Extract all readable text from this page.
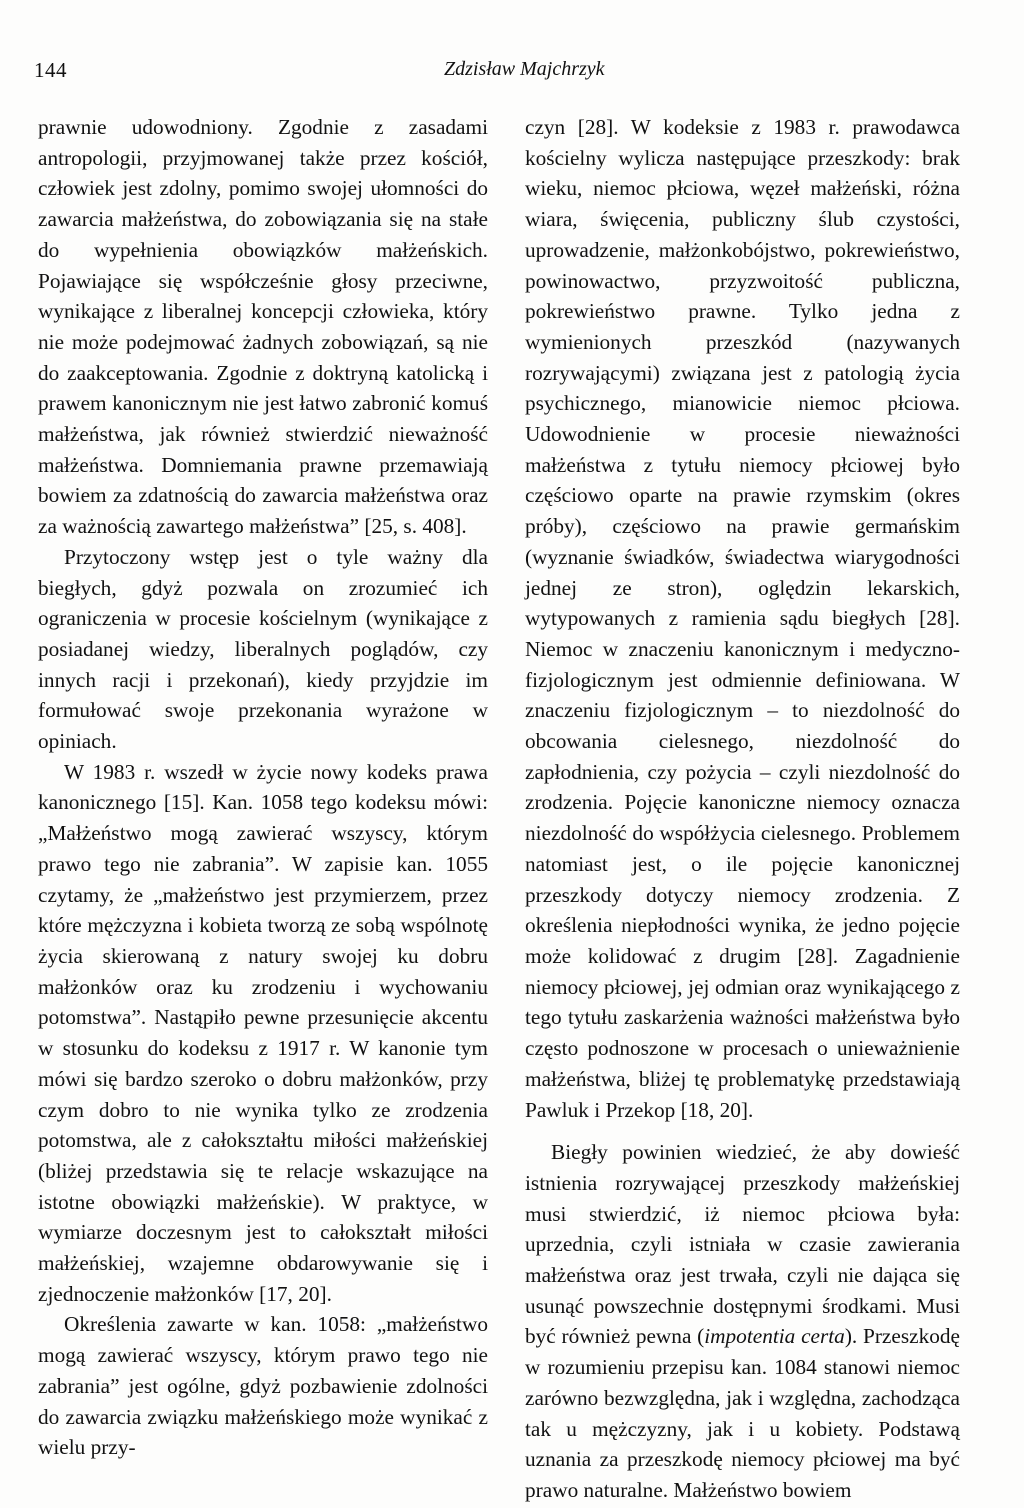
144	Zdzisław Majchrzyk

prawnie udowodniony. Zgodnie z zasadami antropologii, przyjmowanej także przez kościół, człowiek jest zdolny, pomimo swojej ułomności do zawarcia małżeństwa, do zobowiązania się na stałe do wypełnienia obowiązków małżeńskich. Pojawiające się współcześnie głosy przeciwne, wynikające z liberalnej koncepcji człowieka, który nie może podejmować żadnych zobowiązań, są nie do zaakceptowania. Zgodnie z doktryną katolicką i prawem kanonicznym nie jest łatwo zabronić komuś małżeństwa, jak również stwierdzić nieważność małżeństwa. Domniemania prawne przemawiają bowiem za zdatnością do zawarcia małżeństwa oraz za ważnością zawartego małżeństwa” [25, s. 408].

Przytoczony wstęp jest o tyle ważny dla biegłych, gdyż pozwala on zrozumieć ich ograniczenia w procesie kościelnym (wynikające z posiadanej wiedzy, liberalnych poglądów, czy innych racji i przekonań), kiedy przyjdzie im formułować swoje przekonania wyrażone w opiniach.

W 1983 r. wszedł w życie nowy kodeks prawa kanonicznego [15]. Kan. 1058 tego kodeksu mówi: „Małżeństwo mogą zawierać wszyscy, którym prawo tego nie zabrania”. W zapisie kan. 1055 czytamy, że „małżeństwo jest przymierzem, przez które mężczyzna i kobieta tworzą ze sobą wspólnotę życia skierowaną z natury swojej ku dobru małżonków oraz ku zrodzeniu i wychowaniu potomstwa”. Nastąpiło pewne przesunięcie akcentu w stosunku do kodeksu z 1917 r. W kanonie tym mówi się bardzo szeroko o dobru małżonków, przy czym dobro to nie wynika tylko ze zrodzenia potomstwa, ale z całokształtu miłości małżeńskiej (bliżej przedstawia się te relacje wskazujące na istotne obowiązki małżeńskie). W praktyce, w wymiarze doczesnym jest to całokształt miłości małżeńskiej, wzajemne obdarowywanie się i zjednoczenie małżonków [17, 20].

Określenia zawarte w kan. 1058: „małżeństwo mogą zawierać wszyscy, którym prawo tego nie zabrania” jest ogólne, gdyż pozbawienie zdolności do zawarcia związku małżeńskiego może wynikać z wielu przy-

czyn [28]. W kodeksie z 1983 r. prawodawca kościelny wylicza następujące przeszkody: brak wieku, niemoc płciowa, węzeł małżeński, różna wiara, święcenia, publiczny ślub czystości, uprowadzenie, małżonkobójstwo, pokrewieństwo, powinowactwo, przyzwoitość publiczna, pokrewieństwo prawne. Tylko jedna z wymienionych przeszkód (nazywanych rozrywającymi) związana jest z patologią życia psychicznego, mianowicie niemoc płciowa. Udowodnienie w procesie nieważności małżeństwa z tytułu niemocy płciowej było częściowo oparte na prawie rzymskim (okres próby), częściowo na prawie germańskim (wyznanie świadków, świadectwa wiarygodności jednej ze stron), oględzin lekarskich, wytypowanych z ramienia sądu biegłych [28]. Niemoc w znaczeniu kanonicznym i medyczno-fizjologicznym jest odmiennie definiowana. W znaczeniu fizjologicznym – to niezdolność do obcowania cielesnego, niezdolność do zapłodnienia, czy pożycia – czyli niezdolność do zrodzenia. Pojęcie kanoniczne niemocy oznacza niezdolność do współżycia cielesnego. Problemem natomiast jest, o ile pojęcie kanonicznej przeszkody dotyczy niemocy zrodzenia. Z określenia niepłodności wynika, że jedno pojęcie może kolidować z drugim [28]. Zagadnienie niemocy płciowej, jej odmian oraz wynikającego z tego tytułu zaskarżenia ważności małżeństwa było często podnoszone w procesach o unieważnienie małżeństwa, bliżej tę problematykę przedstawiają Pawluk i Przekop [18, 20].

Biegły powinien wiedzieć, że aby dowieść istnienia rozrywającej przeszkody małżeńskiej musi stwierdzić, iż niemoc płciowa była: uprzednia, czyli istniała w czasie zawierania małżeństwa oraz jest trwała, czyli nie dająca się usunąć powszechnie dostępnymi środkami. Musi być również pewna (impotentia certa). Przeszkodę w rozumieniu przepisu kan. 1084 stanowi niemoc zarówno bezwzględna, jak i względna, zachodząca tak u mężczyzny, jak i u kobiety. Podstawą uznania za przeszkodę niemocy płciowej ma być prawo naturalne. Małżeństwo bowiem
